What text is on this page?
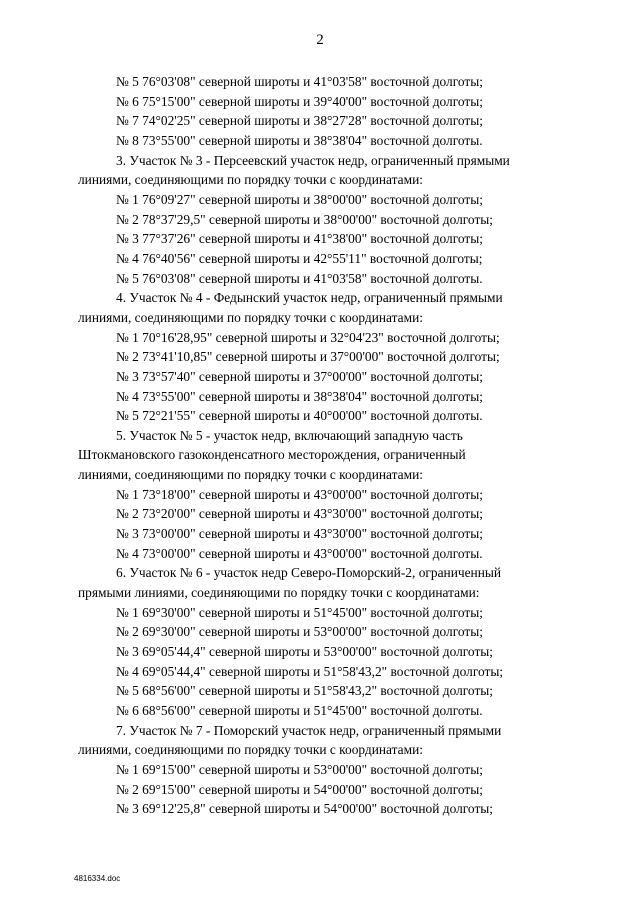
2
№ 5 76°03'08" северной широты и 41°03'58" восточной долготы;
№ 6 75°15'00" северной широты и 39°40'00" восточной долготы;
№ 7 74°02'25" северной широты и 38°27'28" восточной долготы;
№ 8 73°55'00" северной широты и 38°38'04" восточной долготы.
3. Участок № 3 - Персеевский участок недр, ограниченный прямыми
линиями, соединяющими по порядку точки с координатами:
№ 1 76°09'27" северной широты и 38°00'00" восточной долготы;
№ 2 78°37'29,5" северной широты и 38°00'00" восточной долготы;
№ 3 77°37'26" северной широты и 41°38'00" восточной долготы;
№ 4 76°40'56" северной широты и 42°55'11" восточной долготы;
№ 5 76°03'08" северной широты и 41°03'58" восточной долготы.
4. Участок № 4 - Федынский участок недр, ограниченный прямыми
линиями, соединяющими по порядку точки с координатами:
№ 1 70°16'28,95" северной широты и 32°04'23" восточной долготы;
№ 2 73°41'10,85" северной широты и 37°00'00" восточной долготы;
№ 3 73°57'40" северной широты и 37°00'00" восточной долготы;
№ 4 73°55'00" северной широты и 38°38'04" восточной долготы;
№ 5 72°21'55" северной широты и 40°00'00" восточной долготы.
5. Участок № 5 - участок недр, включающий западную часть
Штокмановского газоконденсатного месторождения, ограниченный
линиями, соединяющими по порядку точки с координатами:
№ 1 73°18'00" северной широты и 43°00'00" восточной долготы;
№ 2 73°20'00" северной широты и 43°30'00" восточной долготы;
№ 3 73°00'00" северной широты и 43°30'00" восточной долготы;
№ 4 73°00'00" северной широты и 43°00'00" восточной долготы.
6. Участок № 6 - участок недр Северо-Поморский-2, ограниченный
прямыми линиями, соединяющими по порядку точки с координатами:
№ 1 69°30'00" северной широты и 51°45'00" восточной долготы;
№ 2 69°30'00" северной широты и 53°00'00" восточной долготы;
№ 3 69°05'44,4" северной широты и 53°00'00" восточной долготы;
№ 4 69°05'44,4" северной широты и 51°58'43,2" восточной долготы;
№ 5 68°56'00" северной широты и 51°58'43,2" восточной долготы;
№ 6 68°56'00" северной широты и 51°45'00" восточной долготы.
7. Участок № 7 - Поморский участок недр, ограниченный прямыми
линиями, соединяющими по порядку точки с координатами:
№ 1 69°15'00" северной широты и 53°00'00" восточной долготы;
№ 2 69°15'00" северной широты и 54°00'00" восточной долготы;
№ 3 69°12'25,8" северной широты и 54°00'00" восточной долготы;
4816334.doc
